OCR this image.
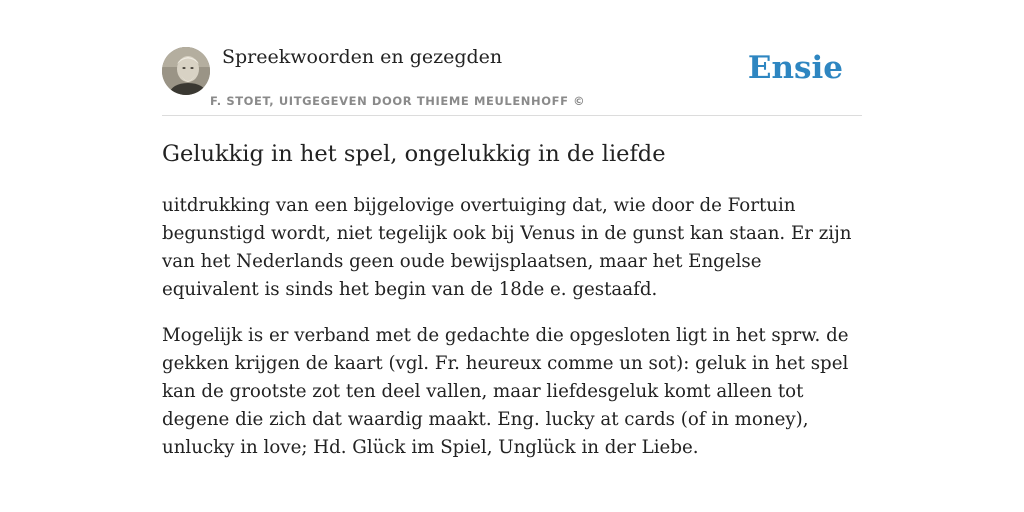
Spreekwoorden en gezegden
F. STOET, UITGEGEVEN DOOR THIEME MEULENHOFF ©
Ensie
Gelukkig in het spel, ongelukkig in de liefde

uitdrukking van een bijgelovige overtuiging dat, wie door de Fortuin begunstigd wordt, niet tegelijk ook bij Venus in de gunst kan staan. Er zijn van het Nederlands geen oude bewijsplaatsen, maar het Engelse equivalent is sinds het begin van de 18de e. gestaafd.

Mogelijk is er verband met de gedachte die opgesloten ligt in het sprw. de gekken krijgen de kaart (vgl. Fr. heureux comme un sot): geluk in het spel kan de grootste zot ten deel vallen, maar liefdesgeluk komt alleen tot degene die zich dat waardig maakt. Eng. lucky at cards (of in money), unlucky in love; Hd. Glück im Spiel, Unglück in der Liebe.
